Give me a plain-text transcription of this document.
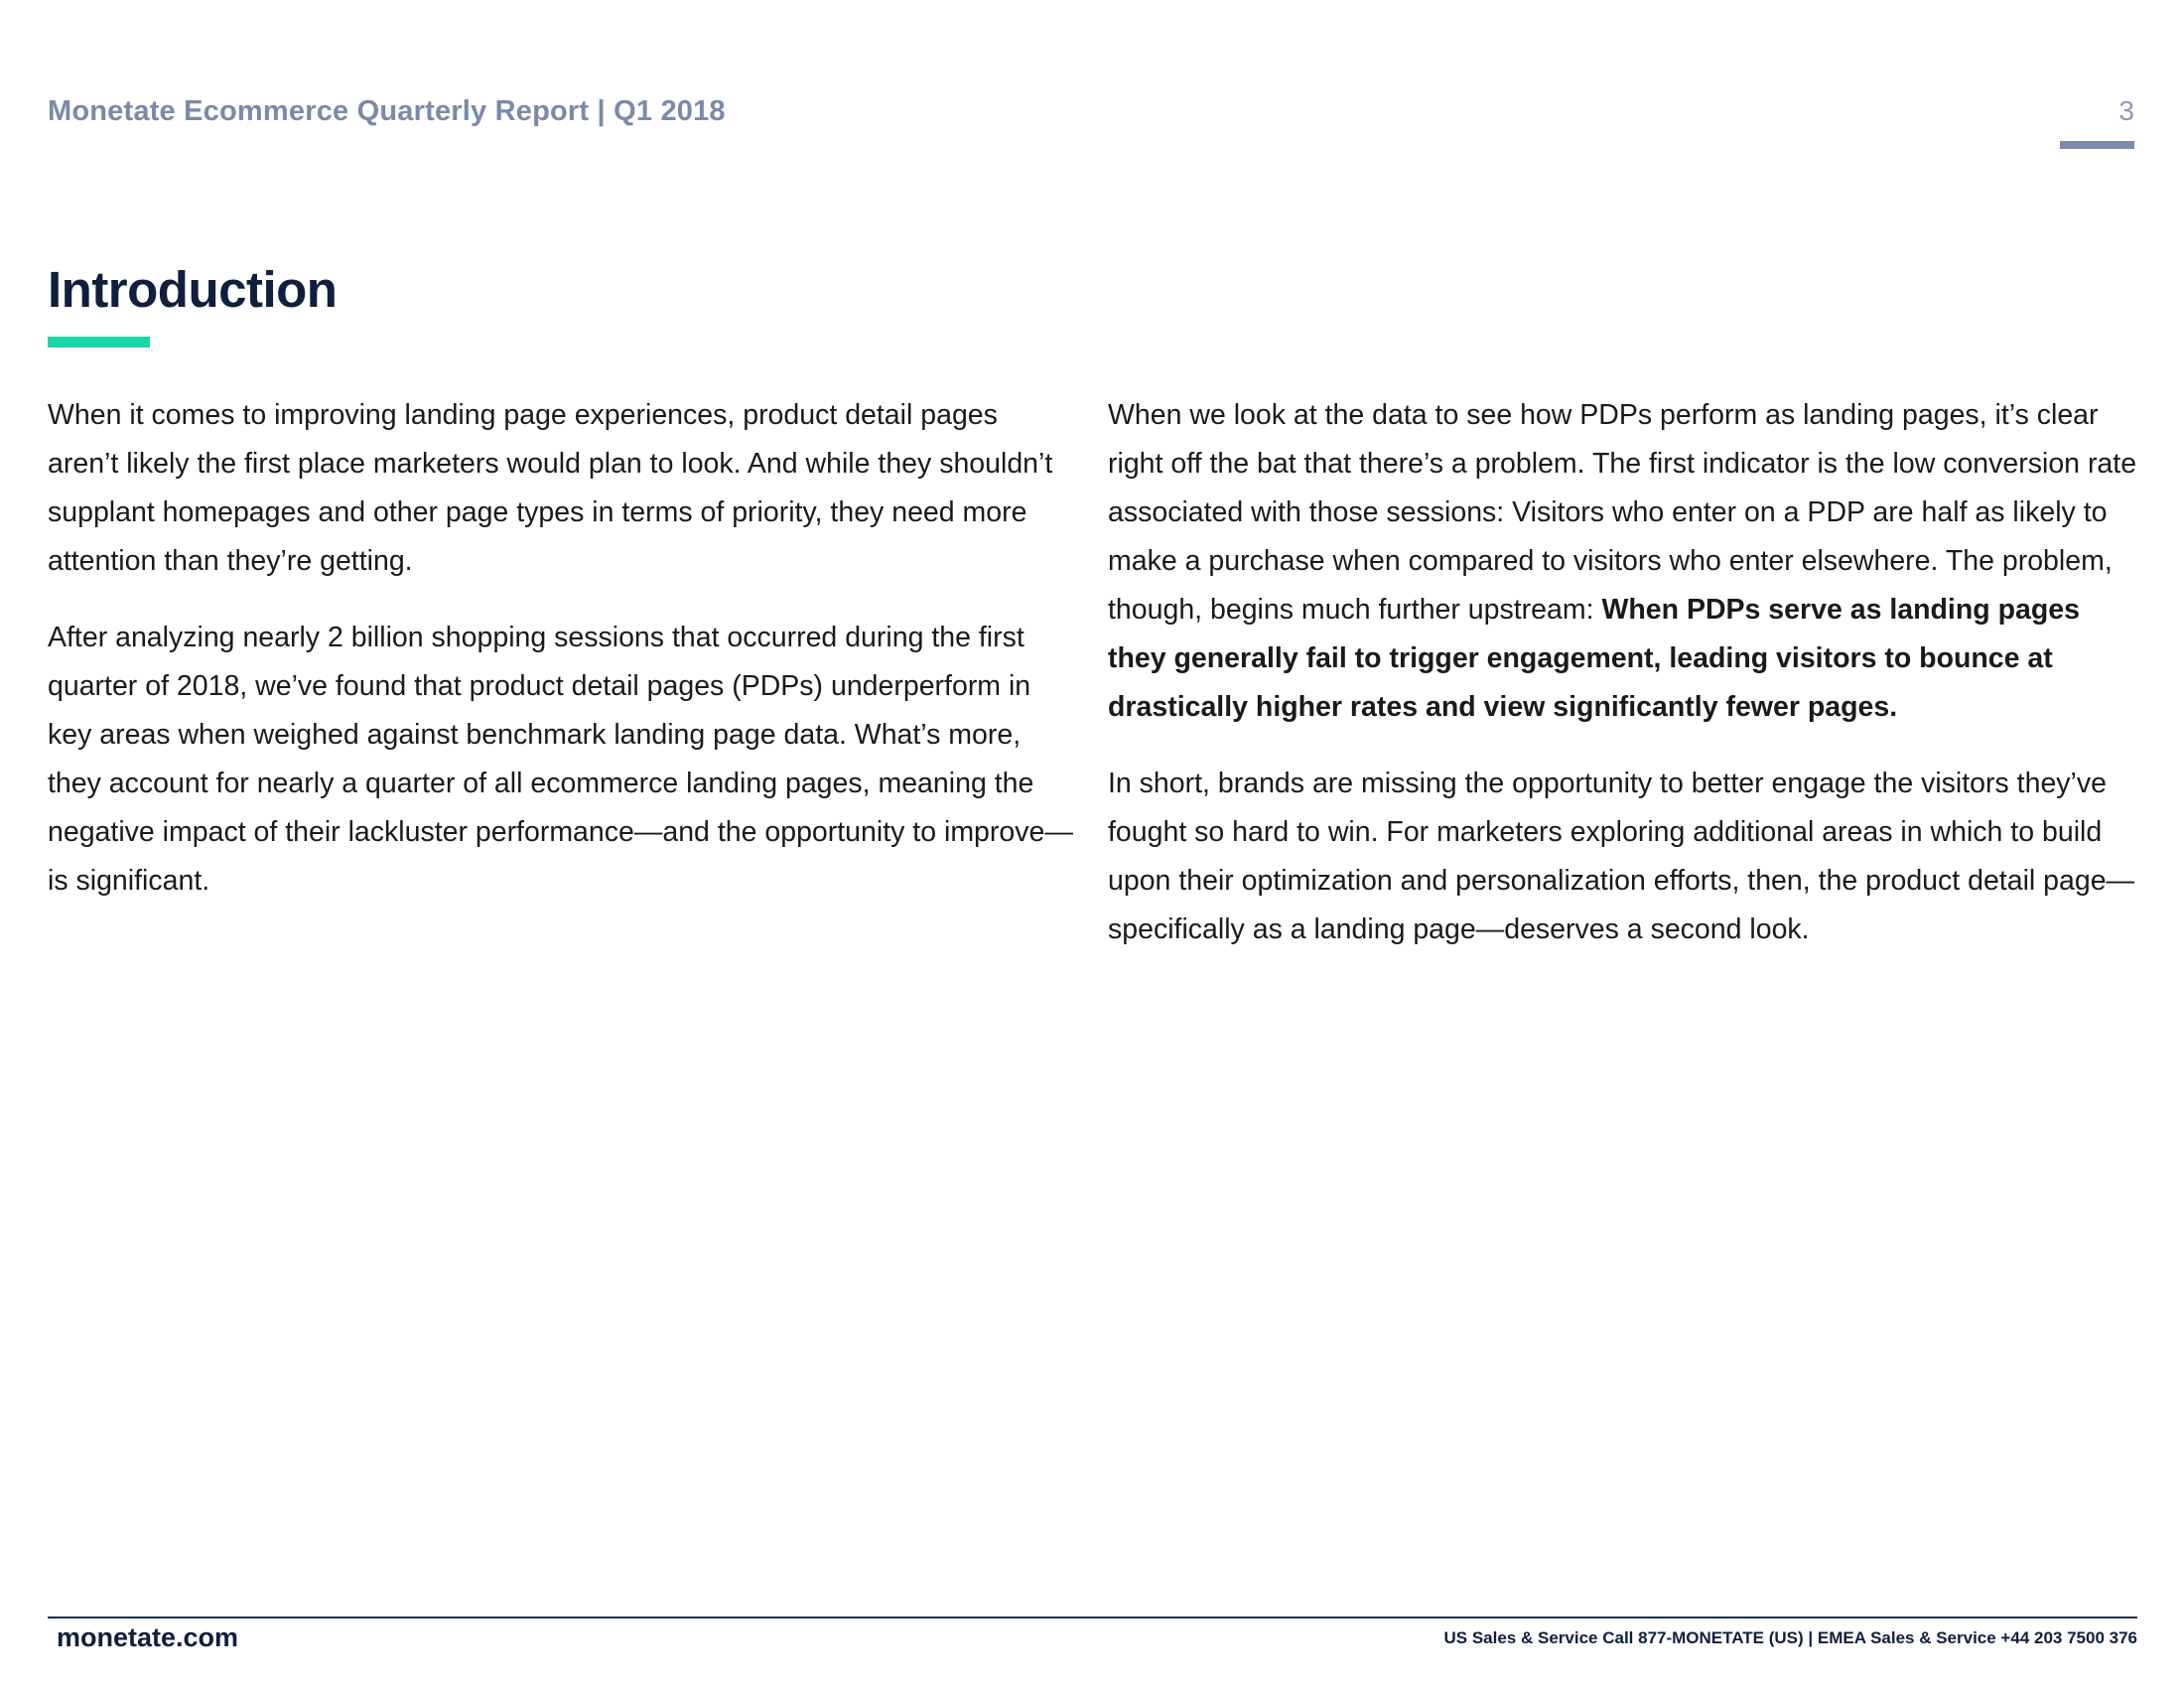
Monetate Ecommerce Quarterly Report | Q1 2018	3
Introduction

When it comes to improving landing page experiences, product detail pages aren’t likely the first place marketers would plan to look. And while they shouldn’t supplant homepages and other page types in terms of priority, they need more attention than they’re getting.

After analyzing nearly 2 billion shopping sessions that occurred during the first quarter of 2018, we’ve found that product detail pages (PDPs) underperform in key areas when weighed against benchmark landing page data. What’s more, they account for nearly a quarter of all ecommerce landing pages, meaning the negative impact of their lackluster performance—and the opportunity to improve—is significant.

When we look at the data to see how PDPs perform as landing pages, it’s clear right off the bat that there’s a problem. The first indicator is the low conversion rate associated with those sessions: Visitors who enter on a PDP are half as likely to make a purchase when compared to visitors who enter elsewhere. The problem, though, begins much further upstream: When PDPs serve as landing pages they generally fail to trigger engagement, leading visitors to bounce at drastically higher rates and view significantly fewer pages.

In short, brands are missing the opportunity to better engage the visitors they’ve fought so hard to win. For marketers exploring additional areas in which to build upon their optimization and personalization efforts, then, the product detail page—specifically as a landing page—deserves a second look.

monetate.com	US Sales & Service Call 877-MONETATE (US) | EMEA Sales & Service +44 203 7500 376
